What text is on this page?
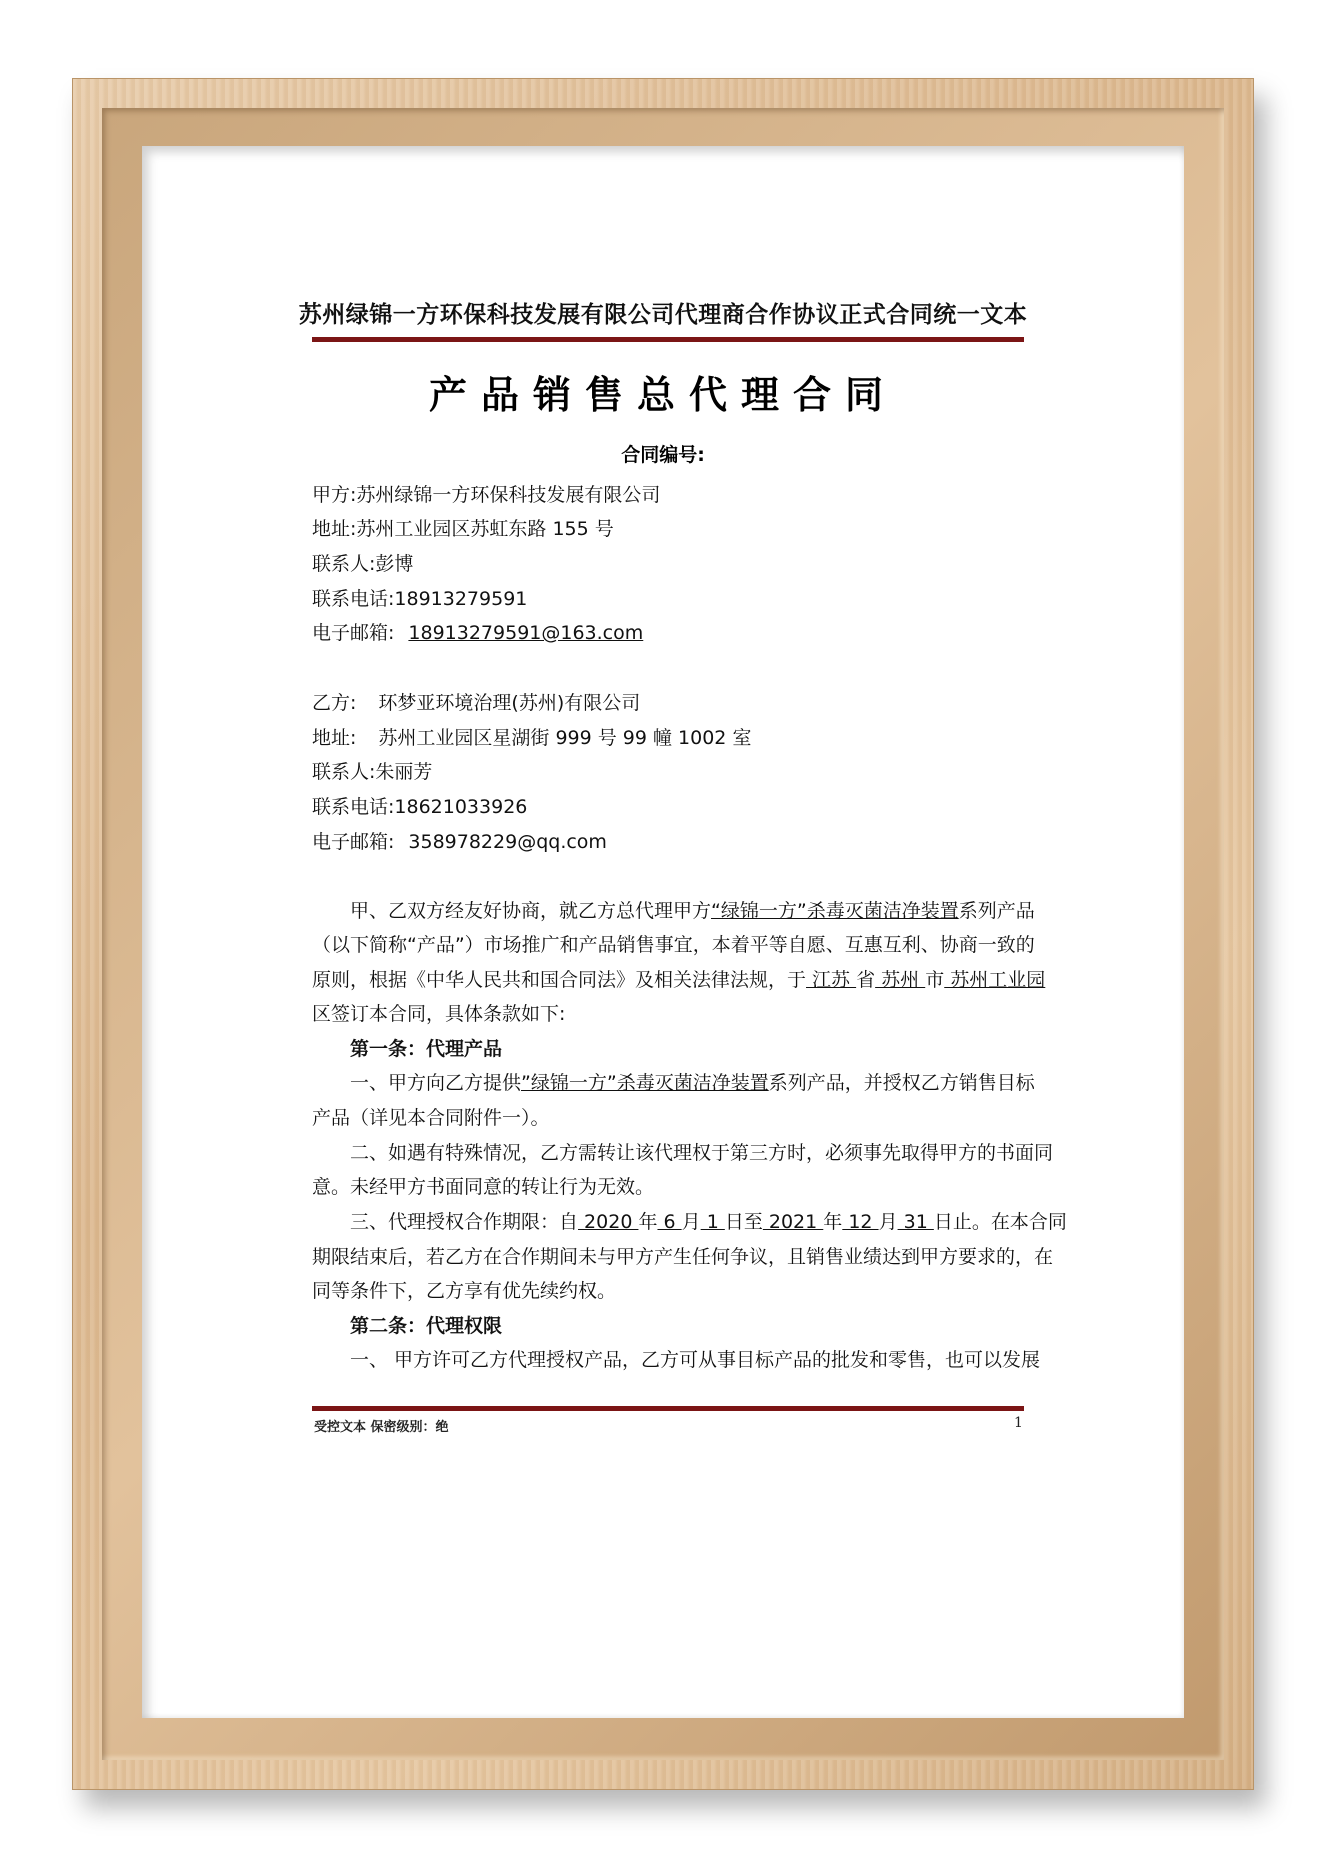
苏州绿锦一方环保科技发展有限公司代理商合作协议正式合同统一文本
产品销售总代理合同
合同编号:
甲方:苏州绿锦一方环保科技发展有限公司
地址:苏州工业园区苏虹东路 155 号
联系人:彭博
联系电话:18913279591
电子邮箱: 18913279591@163.com
乙方: 环梦亚环境治理(苏州)有限公司
地址: 苏州工业园区星湖街 999 号 99 幢 1002 室
联系人:朱丽芳
联系电话:18621033926
电子邮箱: 358978229@qq.com
甲、乙双方经友好协商，就乙方总代理甲方“绿锦一方”杀毒灭菌洁净装置系列产品
（以下简称“产品”）市场推广和产品销售事宜，本着平等自愿、互惠互利、协商一致的
原则，根据《中华人民共和国合同法》及相关法律法规，于 江苏 省 苏州 市 苏州工业园
区签订本合同，具体条款如下:
第一条：代理产品
一、甲方向乙方提供”绿锦一方”杀毒灭菌洁净装置系列产品，并授权乙方销售目标
产品（详见本合同附件一）。
二、如遇有特殊情况，乙方需转让该代理权于第三方时，必须事先取得甲方的书面同
意。未经甲方书面同意的转让行为无效。
三、代理授权合作期限：自 2020 年 6 月 1 日至 2021 年 12 月 31 日止。在本合同
期限结束后，若乙方在合作期间未与甲方产生任何争议，且销售业绩达到甲方要求的，在
同等条件下，乙方享有优先续约权。
第二条：代理权限
一、 甲方许可乙方代理授权产品，乙方可从事目标产品的批发和零售，也可以发展
受控文本 保密级别：绝	1
